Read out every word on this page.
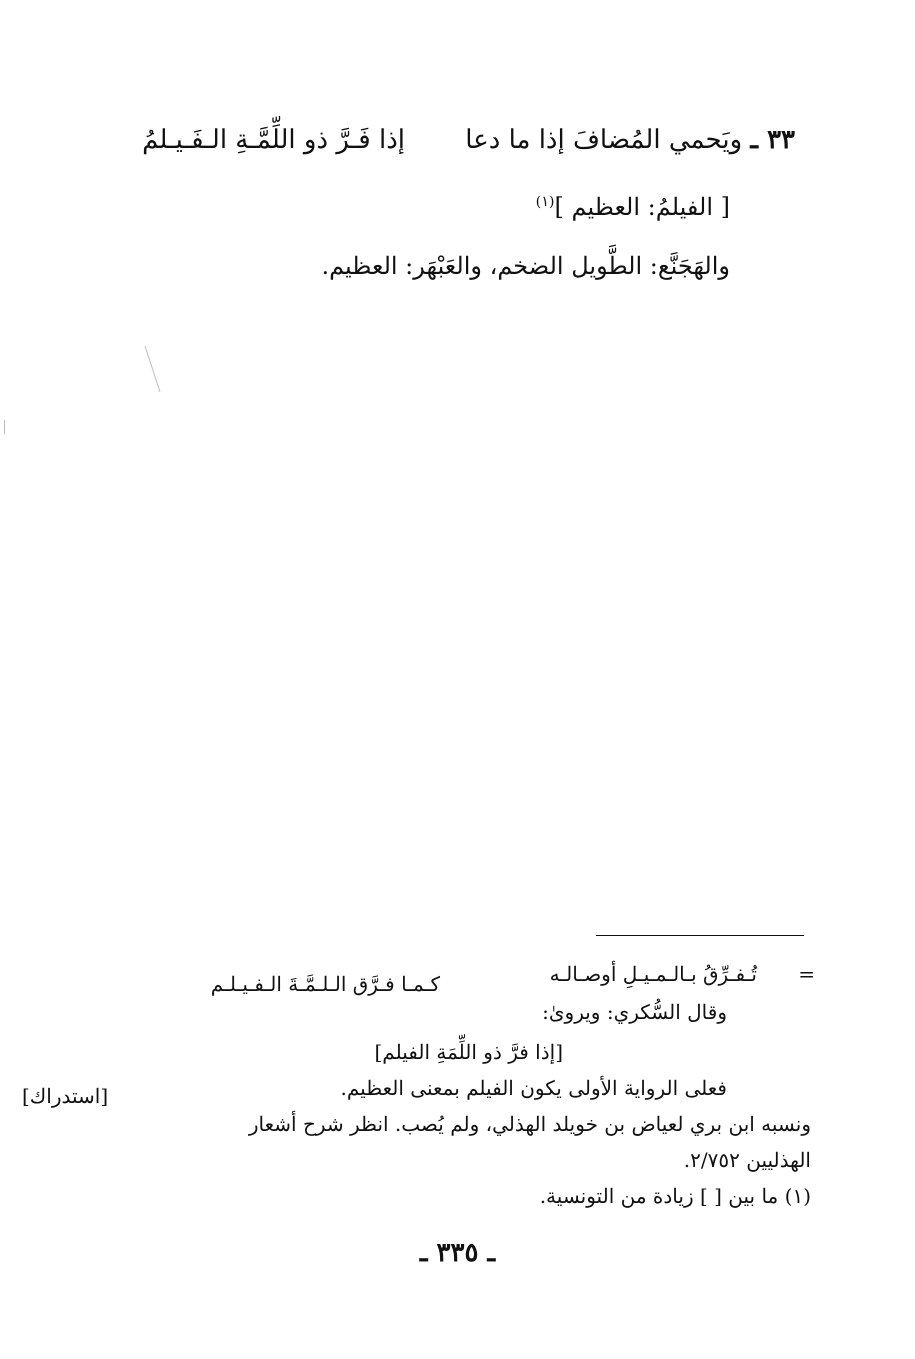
٣٣ ـ ويَحمي المُضافَ إذا ما دعا
إذا فَـرَّ ذو اللِّمَّـةِ الـفَـيـلمُ
[ الفيلمُ: العظيم ]$^{(١)}$
والهَجَنَّع: الطَّويل الضخم، والعَبْهَر: العظيم.
=
تُـفـرِّقُ بـالـمـيـلِ أوصـالـه
كـمـا فـرَّق الـلـمَّـةَ الـفـيـلـم
وقال السُّكري: ويروىٰ:
[إذا فرَّ ذو اللِّمَةِ الفيلم]
فعلى الرواية الأولى يكون الفيلم بمعنى العظيم.
[استدراك]
ونسبه ابن بري لعياض بن خويلد الهذلي، ولم يُصب. انظر شرح أشعار
الهذليين ٢/٧٥٢.
(١) ما بين [ ] زيادة من التونسية.
ـ ٣٣٥ ـ
